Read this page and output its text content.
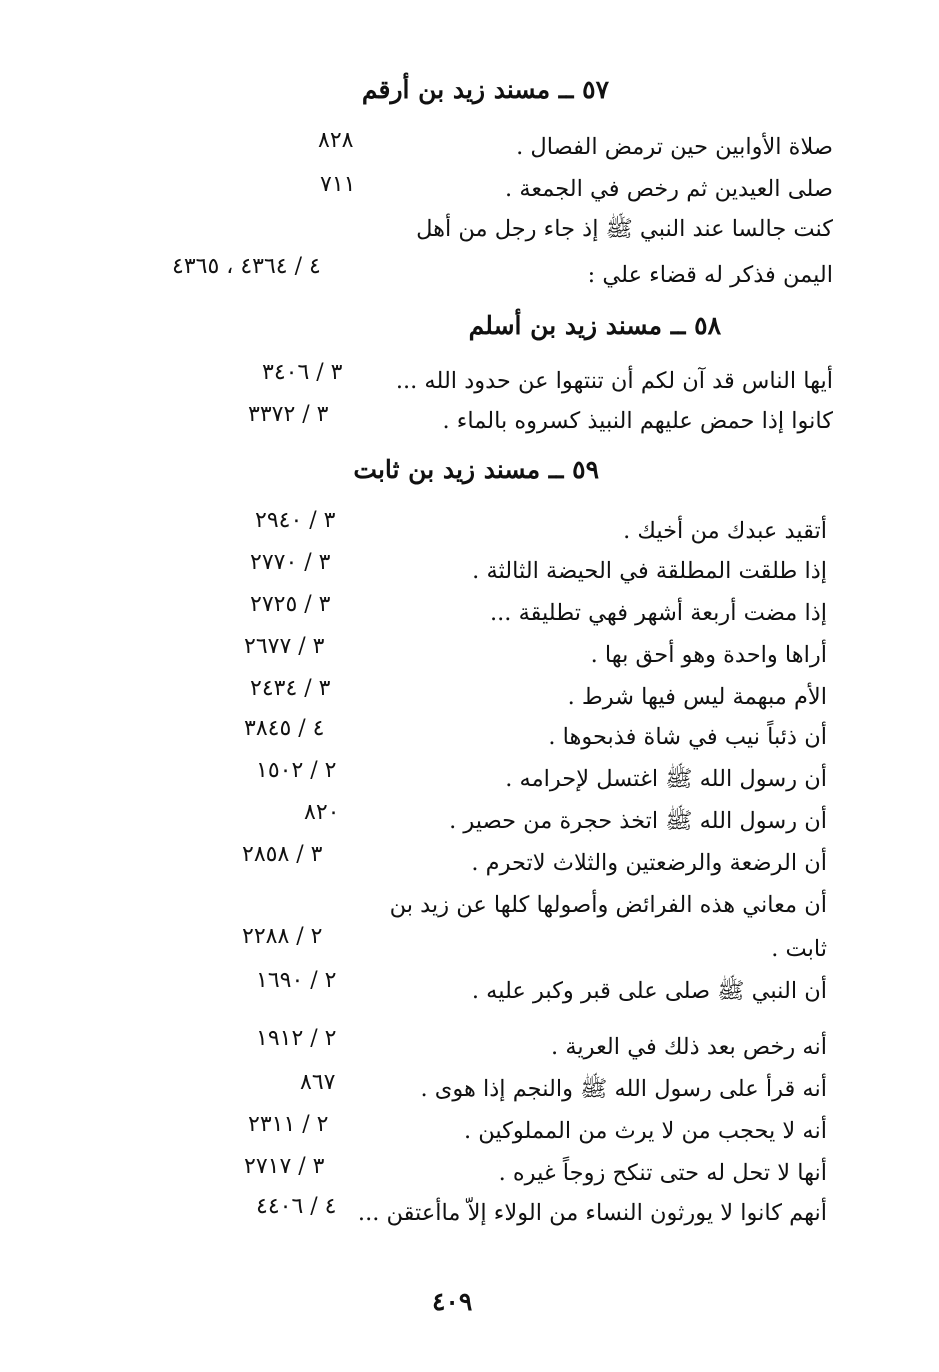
٥٧ ــ مسند زيد بن أرقم
صلاة الأوابين حين ترمض الفصال .
٨٢٨
صلى العيدين ثم رخص في الجمعة .
٧١١
كنت جالسا عند النبي ﷺ إذ جاء رجل من أهل
اليمن فذكر له قضاء علي :
٤ / ٤٣٦٤ ، ٤٣٦٥
٥٨ ــ مسند زيد بن أسلم
أيها الناس قد آن لكم أن تنتهوا عن حدود الله ...
٣ / ٣٤٠٦
كانوا إذا حمض عليهم النبيذ كسروه بالماء .
٣ / ٣٣٧٢
٥٩ ــ مسند زيد بن ثابت
أتقيد عبدك من أخيك .
٣ / ٢٩٤٠
إذا طلقت المطلقة في الحيضة الثالثة .
٣ / ٢٧٧٠
إذا مضت أربعة أشهر فهي تطليقة ...
٣ / ٢٧٢٥
أراها واحدة وهو أحق بها .
٣ / ٢٦٧٧
الأم مبهمة ليس فيها شرط .
٣ / ٢٤٣٤
أن ذئباً نيب في شاة فذبحوها .
٤ / ٣٨٤٥
أن رسول الله ﷺ اغتسل لإحرامه .
٢ / ١٥٠٢
أن رسول الله ﷺ اتخذ حجرة من حصير .
٨٢٠
أن الرضعة والرضعتين والثلاث لاتحرم .
٣ / ٢٨٥٨
أن معاني هذه الفرائض وأصولها كلها عن زيد بن
ثابت .
٢ / ٢٢٨٨
أن النبي ﷺ صلى على قبر وكبر عليه .
٢ / ١٦٩٠
أنه رخص بعد ذلك في العرية .
٢ / ١٩١٢
أنه قرأ على رسول الله ﷺ والنجم إذا هوى .
٨٦٧
أنه لا يحجب من لا يرث من المملوكين .
٢ / ٢٣١١
أنها لا تحل له حتى تنكح زوجاً غيره .
٣ / ٢٧١٧
أنهم كانوا لا يورثون النساء من الولاء إلاّ ماأعتقن ...
٤ / ٤٤٠٦
٤٠٩
